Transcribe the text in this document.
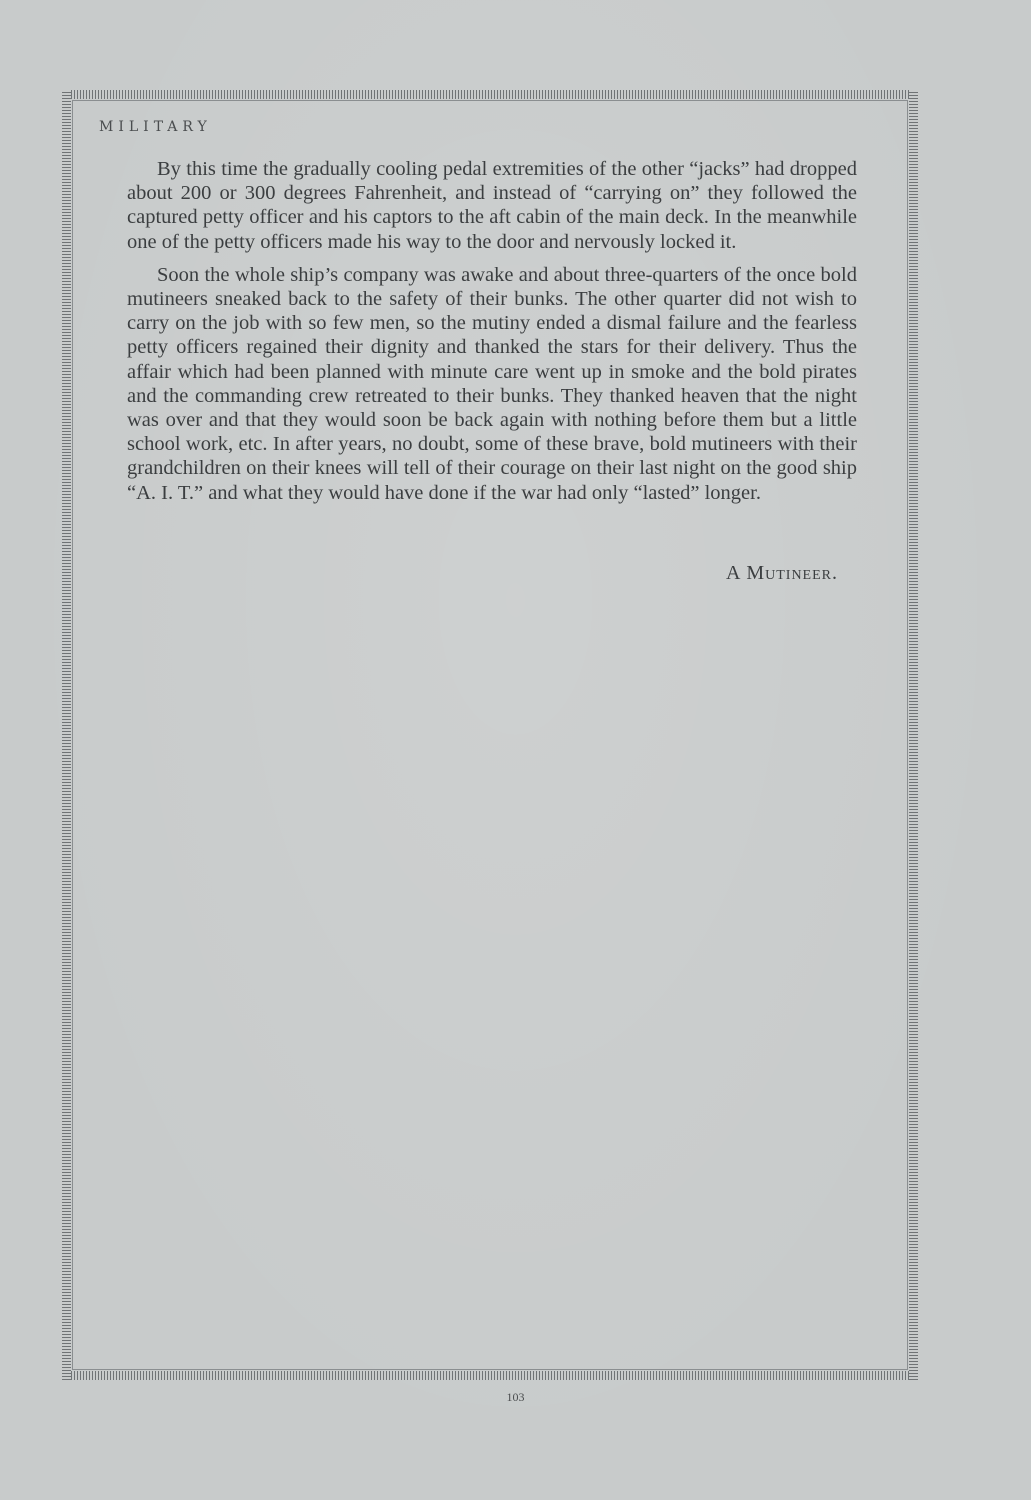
MILITARY

By this time the gradually cooling pedal extremities of the other “jacks” had dropped about 200 or 300 degrees Fahrenheit, and instead of “carrying on” they followed the captured petty officer and his captors to the aft cabin of the main deck. In the meanwhile one of the petty officers made his way to the door and nervously locked it.

Soon the whole ship’s company was awake and about three-quarters of the once bold mutineers sneaked back to the safety of their bunks. The other quarter did not wish to carry on the job with so few men, so the mutiny ended a dismal failure and the fearless petty officers regained their dignity and thanked the stars for their delivery. Thus the affair which had been planned with minute care went up in smoke and the bold pirates and the commanding crew retreated to their bunks. They thanked heaven that the night was over and that they would soon be back again with nothing before them but a little school work, etc. In after years, no doubt, some of these brave, bold mutineers with their grandchildren on their knees will tell of their courage on their last night on the good ship “A. I. T.” and what they would have done if the war had only “lasted” longer.

A Mutineer.
103
